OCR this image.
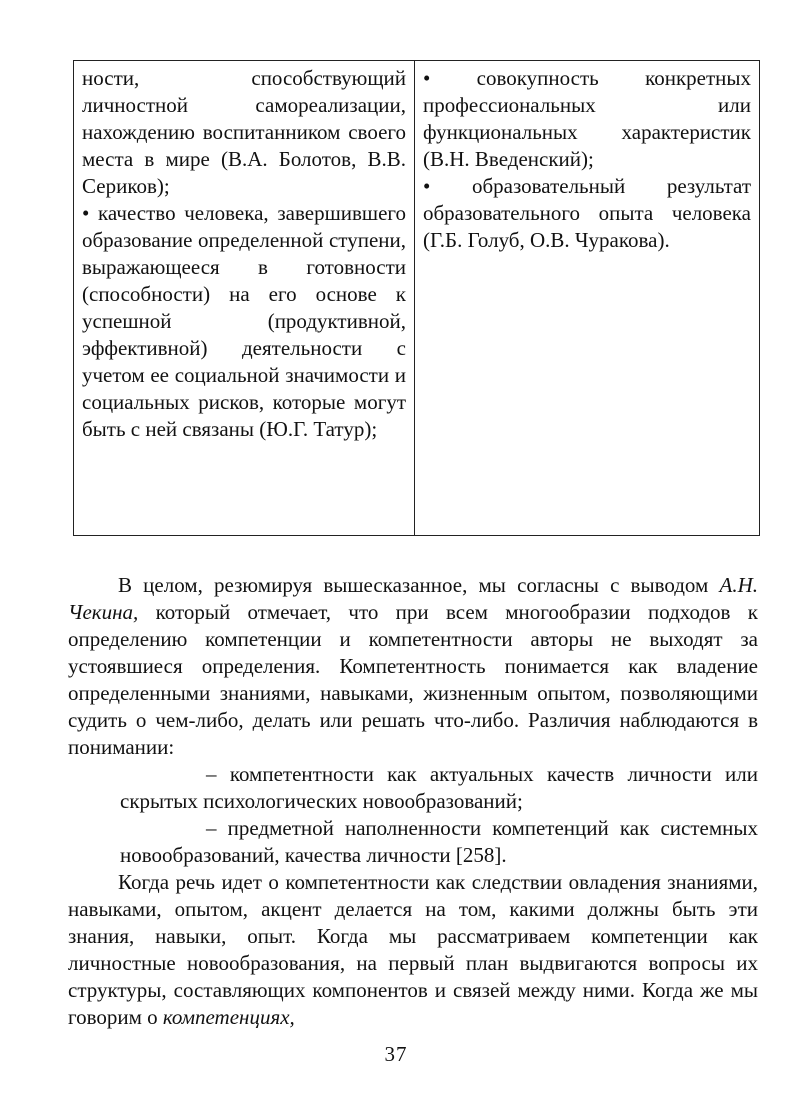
ности, способствующий личностной самореализации, нахождению воспитанником своего места в мире (В.А. Болотов, В.В. Сериков);

• качество человека, завершившего образование определенной ступени, выражающееся в готовности (способности) на его основе к успешной (продуктивной, эффективной) деятельности с учетом ее социальной значимости и социальных рисков, которые могут быть с ней связаны (Ю.Г. Татур);

• совокупность конкретных профессиональных или функциональных характеристик (В.Н. Введенский);

• образовательный результат образовательного опыта человека (Г.Б. Голуб, О.В. Чуракова).

В целом, резюмируя вышесказанное, мы согласны с выводом А.Н. Чекина, который отмечает, что при всем многообразии подходов к определению компетенции и компетентности авторы не выходят за устоявшиеся определения. Компетентность понимается как владение определенными знаниями, навыками, жизненным опытом, позволяющими судить о чем-либо, делать или решать что-либо. Различия наблюдаются в понимании:

– компетентности как актуальных качеств личности или скрытых психологических новообразований;

– предметной наполненности компетенций как системных новообразований, качества личности [258].

Когда речь идет о компетентности как следствии овладения знаниями, навыками, опытом, акцент делается на том, какими должны быть эти знания, навыки, опыт. Когда мы рассматриваем компетенции как личностные новообразования, на первый план выдвигаются вопросы их структуры, составляющих компонентов и связей между ними. Когда же мы говорим о компетенциях,

37
